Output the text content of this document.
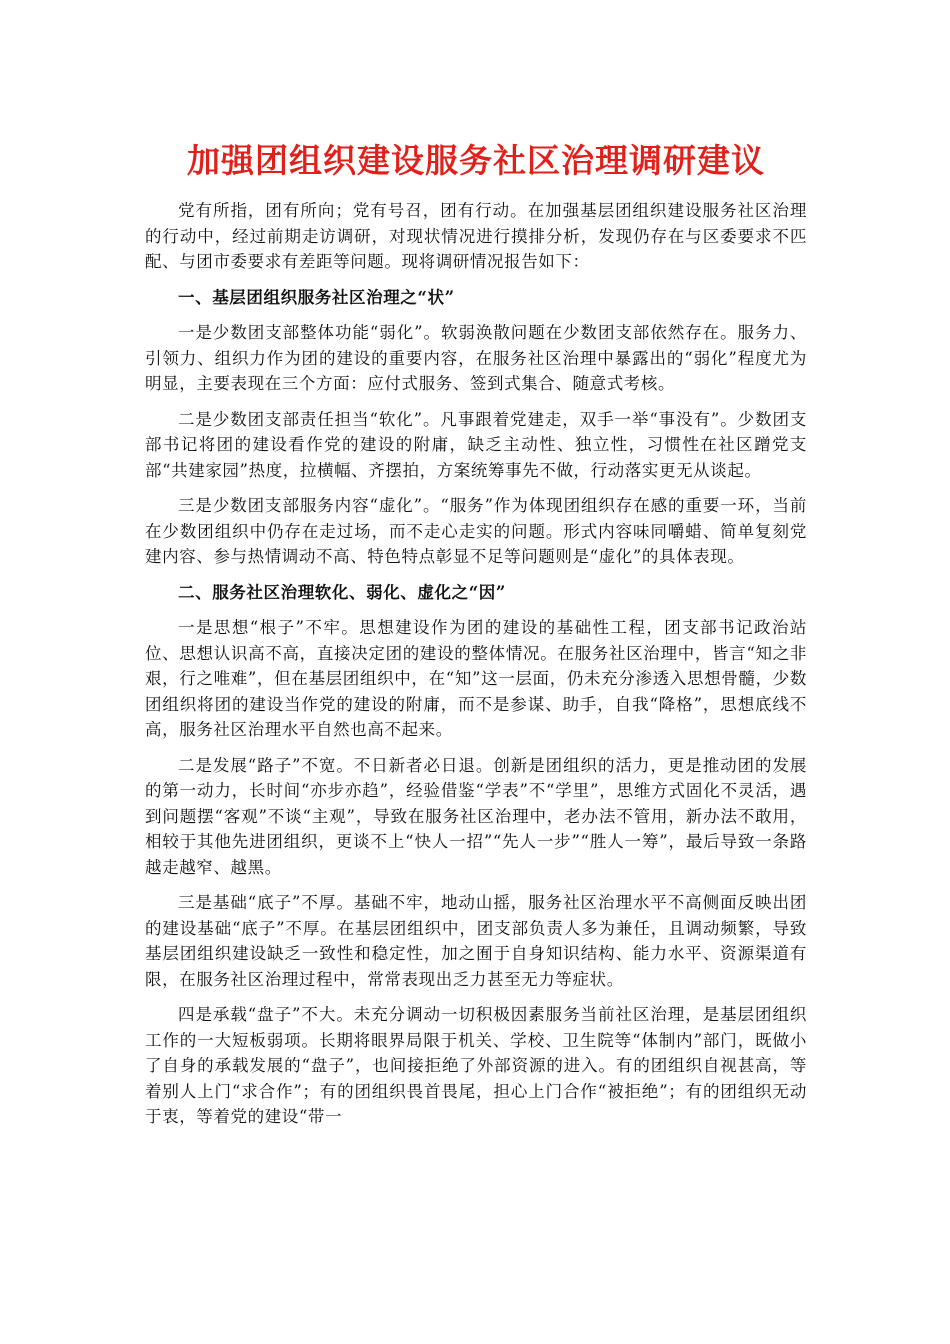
加强团组织建设服务社区治理调研建议

党有所指，团有所向；党有号召，团有行动。在加强基层团组织建设服务社区治理的行动中，经过前期走访调研，对现状情况进行摸排分析，发现仍存在与区委要求不匹配、与团市委要求有差距等问题。现将调研情况报告如下：

一、基层团组织服务社区治理之“状”

一是少数团支部整体功能“弱化”。软弱涣散问题在少数团支部依然存在。服务力、引领力、组织力作为团的建设的重要内容，在服务社区治理中暴露出的“弱化”程度尤为明显，主要表现在三个方面：应付式服务、签到式集合、随意式考核。

二是少数团支部责任担当“软化”。凡事跟着党建走，双手一举“事没有”。少数团支部书记将团的建设看作党的建设的附庸，缺乏主动性、独立性，习惯性在社区蹭党支部“共建家园”热度，拉横幅、齐摆拍，方案统筹事先不做，行动落实更无从谈起。

三是少数团支部服务内容“虚化”。“服务”作为体现团组织存在感的重要一环，当前在少数团组织中仍存在走过场，而不走心走实的问题。形式内容味同嚼蜡、简单复刻党建内容、参与热情调动不高、特色特点彰显不足等问题则是“虚化”的具体表现。

二、服务社区治理软化、弱化、虚化之“因”

一是思想“根子”不牢。思想建设作为团的建设的基础性工程，团支部书记政治站位、思想认识高不高，直接决定团的建设的整体情况。在服务社区治理中，皆言“知之非艰，行之唯难”，但在基层团组织中，在“知”这一层面，仍未充分渗透入思想骨髓，少数团组织将团的建设当作党的建设的附庸，而不是参谋、助手，自我“降格”，思想底线不高，服务社区治理水平自然也高不起来。

二是发展“路子”不宽。不日新者必日退。创新是团组织的活力，更是推动团的发展的第一动力，长时间“亦步亦趋”，经验借鉴“学表”不“学里”，思维方式固化不灵活，遇到问题摆“客观”不谈“主观”，导致在服务社区治理中，老办法不管用，新办法不敢用，相较于其他先进团组织，更谈不上“快人一招”“先人一步”“胜人一筹”，最后导致一条路越走越窄、越黑。

三是基础“底子”不厚。基础不牢，地动山摇，服务社区治理水平不高侧面反映出团的建设基础“底子”不厚。在基层团组织中，团支部负责人多为兼任，且调动频繁，导致基层团组织建设缺乏一致性和稳定性，加之囿于自身知识结构、能力水平、资源渠道有限，在服务社区治理过程中，常常表现出乏力甚至无力等症状。

四是承载“盘子”不大。未充分调动一切积极因素服务当前社区治理，是基层团组织工作的一大短板弱项。长期将眼界局限于机关、学校、卫生院等“体制内”部门，既做小了自身的承载发展的“盘子”，也间接拒绝了外部资源的进入。有的团组织自视甚高，等着别人上门“求合作”；有的团组织畏首畏尾，担心上门合作“被拒绝”；有的团组织无动于衷，等着党的建设“带一
